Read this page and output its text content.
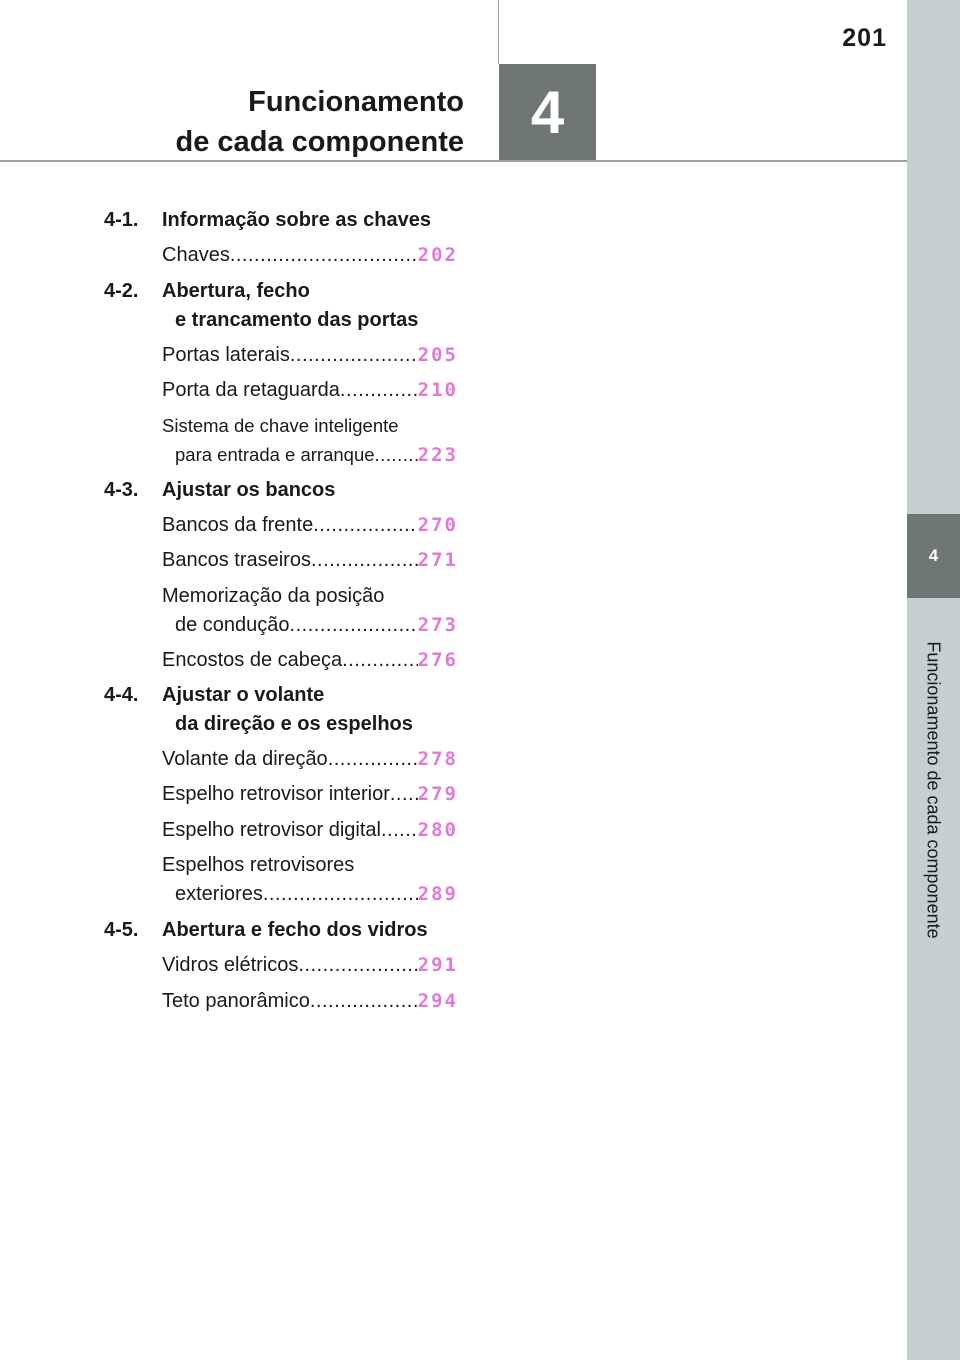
Funcionamento
de cada componente	4
201
4
Funcionamento de cada componente
4-1. Informação sobre as chaves
Chaves .....	202
4-2. Abertura, fecho
e trancamento das portas
Portas laterais .....	205
Porta da retaguarda .....	210
Sistema de chave inteligente
para entrada e arranque ..... 223
4-3. Ajustar os bancos
Bancos da frente .....	270
Bancos traseiros .....	271
Memorização da posição
de condução .....	273
Encostos de cabeça .....	276
4-4. Ajustar o volante
da direção e os espelhos
Volante da direção .....	278
Espelho retrovisor interior ..... 279
Espelho retrovisor digital ..... 280
Espelhos retrovisores
exteriores .....	289
4-5. Abertura e fecho dos vidros
Vidros elétricos .....	291
Teto panorâmico .....	294
